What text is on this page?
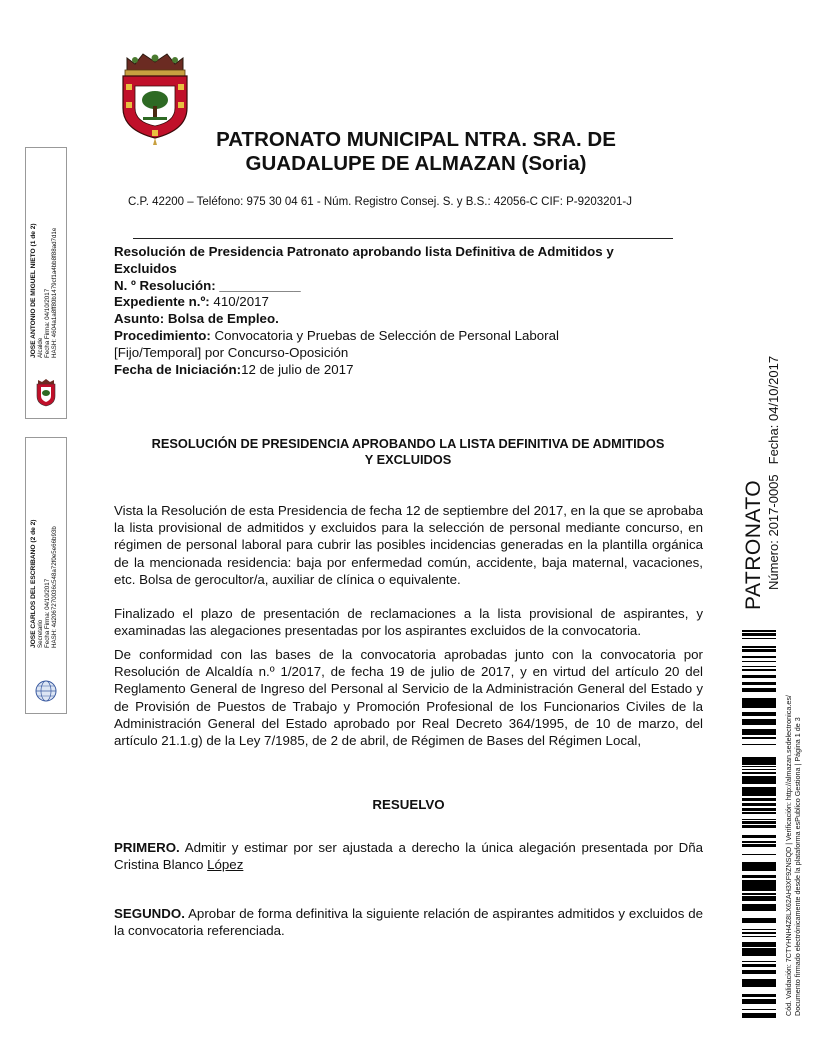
PATRONATO MUNICIPAL NTRA. SRA. DE
GUADALUPE DE ALMAZAN (Soria)
C.P. 42200 – Teléfono: 975 30 04 61 - Núm. Registro Consej. S. y B.S.: 42056-C CIF: P-9203201-J
Resolución de Presidencia Patronato aprobando lista Definitiva de Admitidos y
Excluidos
N. º Resolución: ___________
Expediente n.º: 410/2017
Asunto: Bolsa de Empleo.
Procedimiento: Convocatoria y Pruebas de Selección de Personal Laboral
[Fijo/Temporal] por Concurso-Oposición
Fecha de Iniciación:12 de julio de 2017
RESOLUCIÓN DE PRESIDENCIA APROBANDO LA LISTA DEFINITIVA DE ADMITIDOS
Y EXCLUIDOS
Vista la Resolución de esta Presidencia de fecha 12 de septiembre del 2017, en la que se aprobaba la lista provisional de admitidos y excluidos para la selección de personal mediante concurso, en régimen de personal laboral para cubrir las posibles incidencias generadas en la plantilla orgánica de la mencionada residencia: baja por enfermedad común, accidente, baja maternal, vacaciones, etc. Bolsa de gerocultor/a, auxiliar de clínica o equivalente.
Finalizado el plazo de presentación de reclamaciones a la lista provisional de aspirantes, y examinadas las alegaciones presentadas por los aspirantes excluidos de la convocatoria.
De conformidad con las bases de la convocatoria aprobadas junto con la convocatoria por Resolución de Alcaldía n.º 1/2017, de fecha 19 de julio de 2017, y en virtud del artículo 20 del Reglamento General de Ingreso del Personal al Servicio de la Administración General del Estado y de Provisión de Puestos de Trabajo y Promoción Profesional de los Funcionarios Civiles de la Administración General del Estado aprobado por Real Decreto 364/1995, de 10 de marzo, del artículo 21.1.g) de la Ley 7/1985, de 2 de abril, de Régimen de Bases del Régimen Local,
RESUELVO
PRIMERO. Admitir y estimar por ser ajustada a derecho la única alegación presentada por Dña Cristina Blanco López
SEGUNDO. Aprobar de forma definitiva la siguiente relación de aspirantes admitidos y excluidos de la convocatoria referenciada.
JOSE ANTONIO DE MIGUEL NIETO (1 de 2) Alcalde Fecha Firma: 04/10/2017 HASH: 4604a1a8ff80b1479cf1a4bb8f88ad7d1e
JOSE CARLOS DEL ESCRIBANO (2 de 2) Secretario Fecha Firma: 04/10/2017 HASH: 4d2067270036c548a72f0e5e66b93b	PATRONATO Número: 2017-0005Fecha: 04/10/2017
Cód. Validación: 7CTYHNH4Z8LX62AH3XF9ZNSQD | Verificación: http://almazan.sedelectronica.es/ Documento firmado electrónicamente desde la plataforma esPublico Gestiona | Página 1 de 3
